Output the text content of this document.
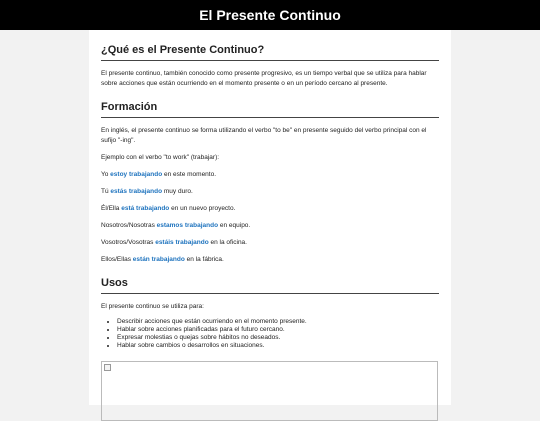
El Presente Continuo
¿Qué es el Presente Continuo?

El presente continuo, también conocido como presente progresivo, es un tiempo verbal que se utiliza para hablar sobre acciones que están ocurriendo en el momento presente o en un período cercano al presente.

Formación

En inglés, el presente continuo se forma utilizando el verbo "to be" en presente seguido del verbo principal con el sufijo "-ing".

Ejemplo con el verbo "to work" (trabajar):

Yo estoy trabajando en este momento.

Tú estás trabajando muy duro.

Él/Ella está trabajando en un nuevo proyecto.

Nosotros/Nosotras estamos trabajando en equipo.

Vosotros/Vosotras estáis trabajando en la oficina.

Ellos/Ellas están trabajando en la fábrica.

Usos

El presente continuo se utiliza para:

• Describir acciones que están ocurriendo en el momento presente.
• Hablar sobre acciones planificadas para el futuro cercano.
• Expresar molestias o quejas sobre hábitos no deseados.
• Hablar sobre cambios o desarrollos en situaciones.
